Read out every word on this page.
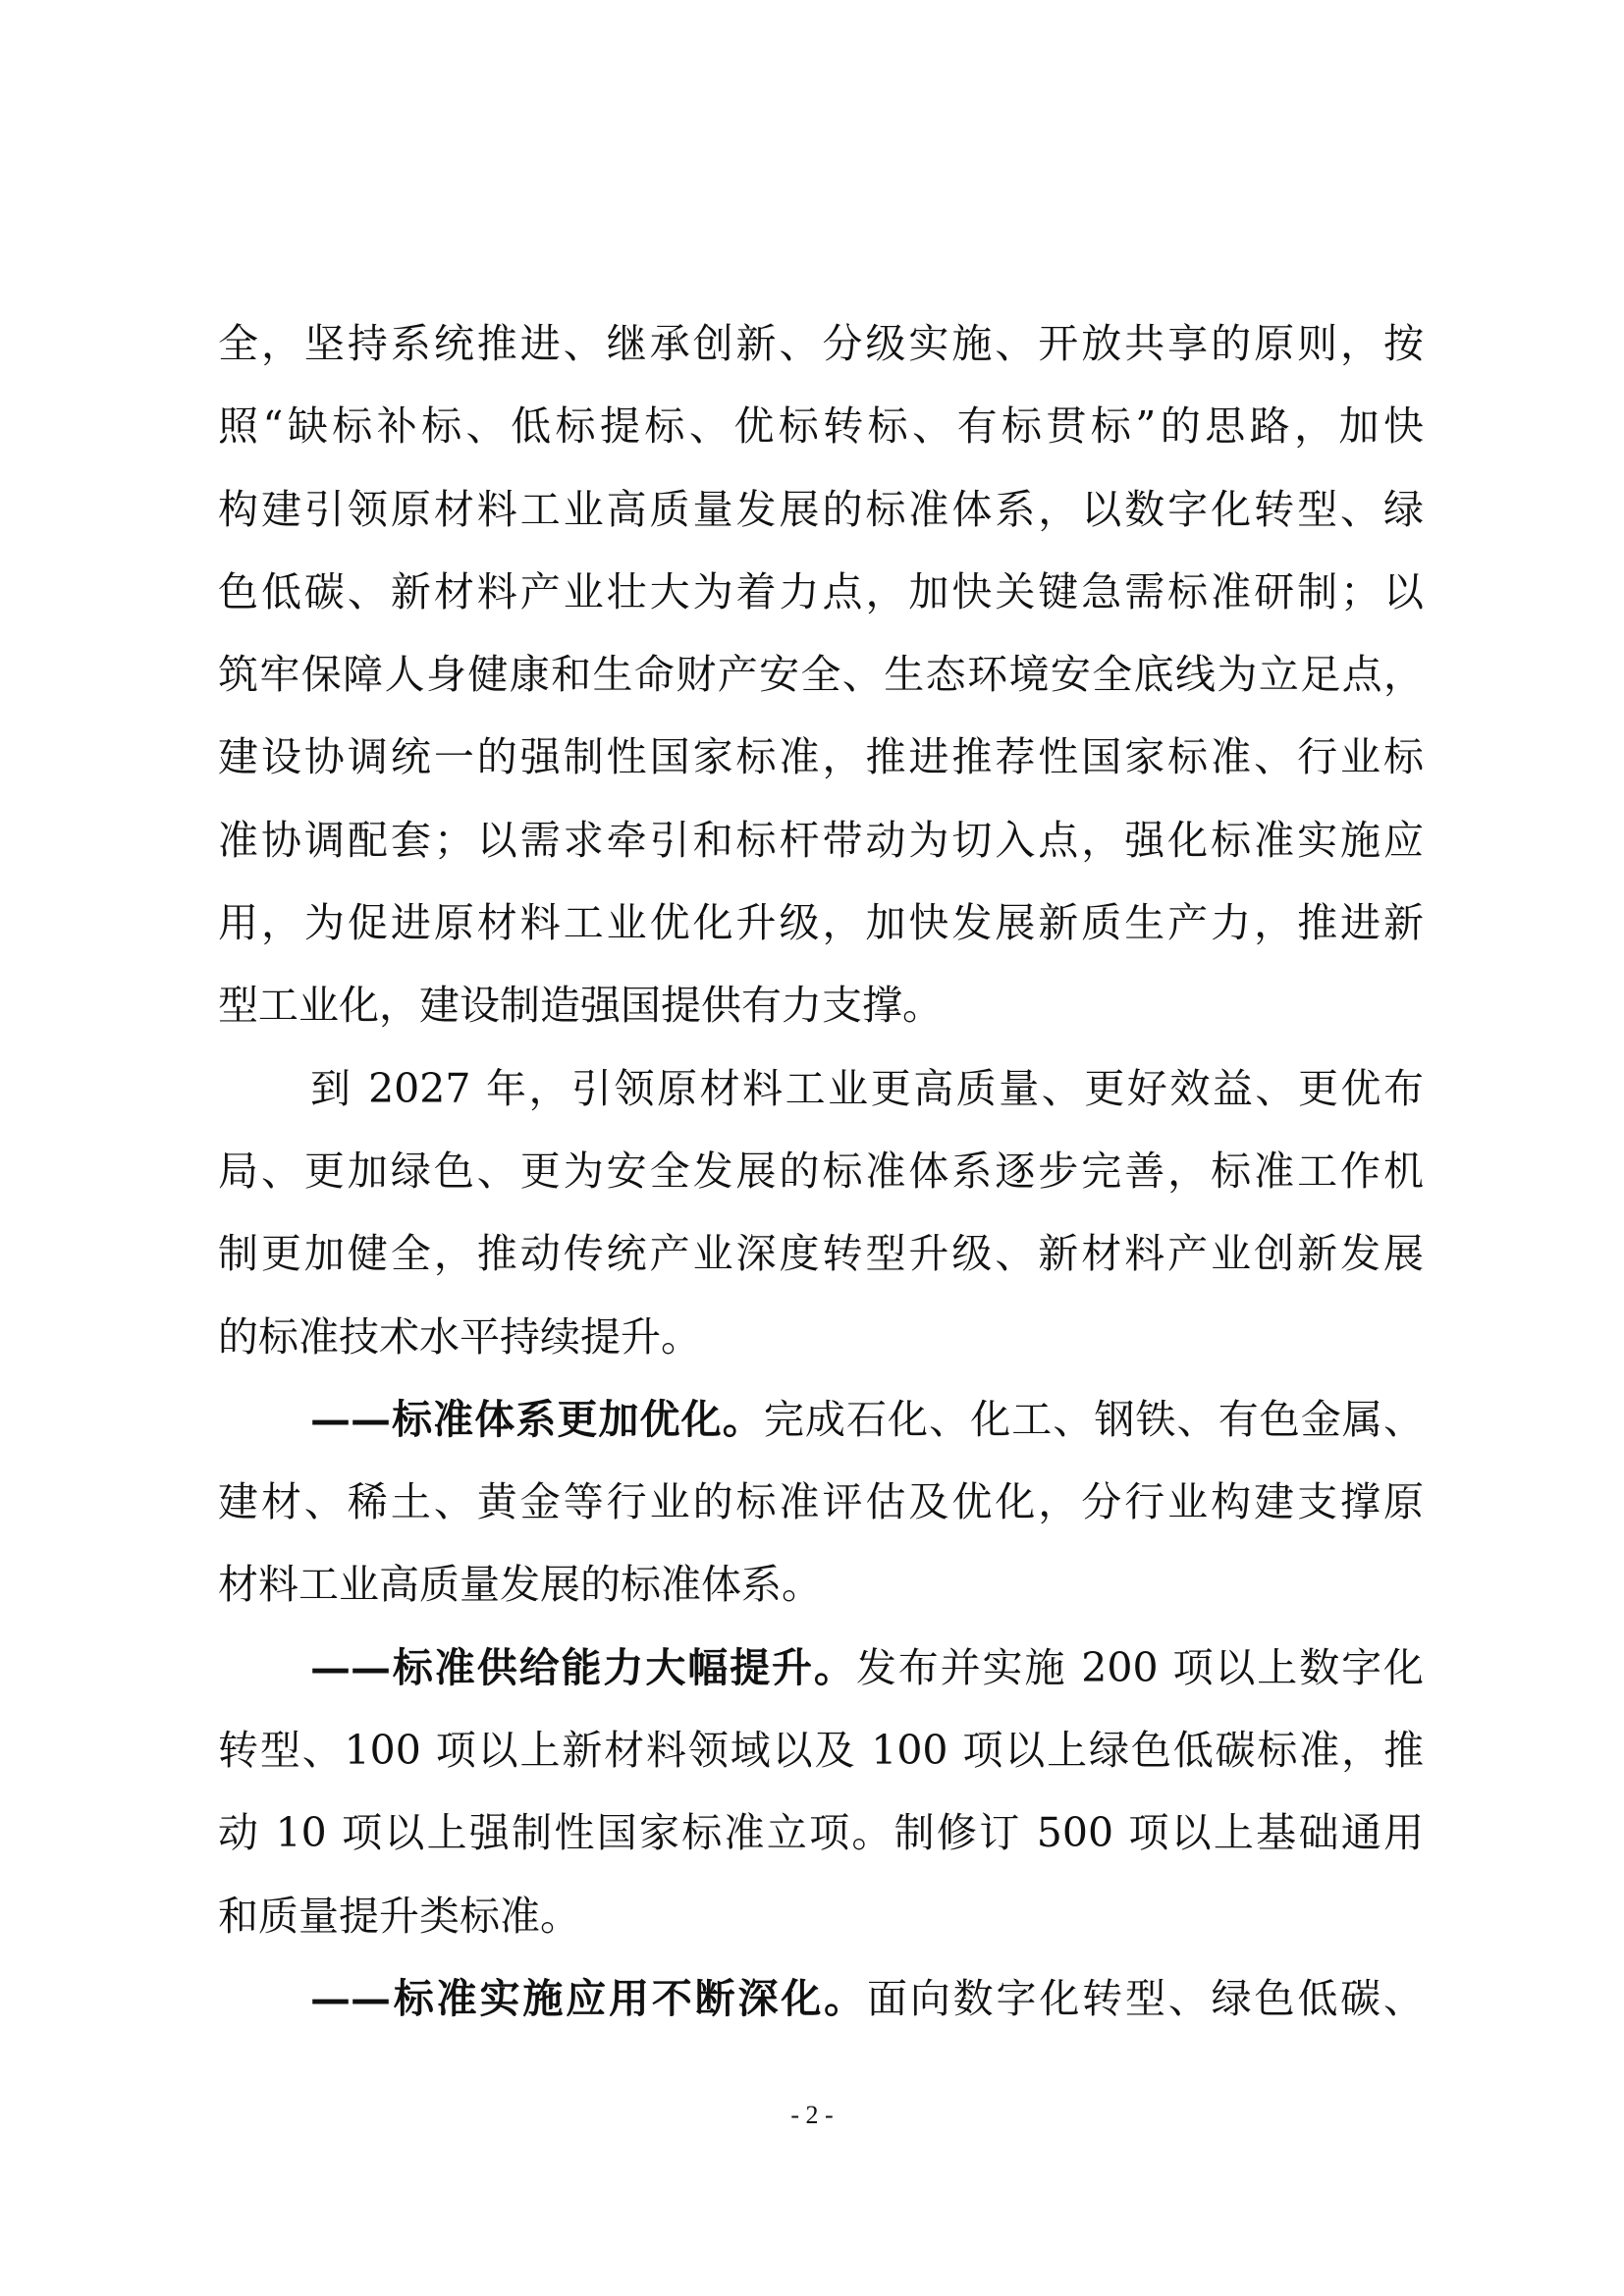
全，坚持系统推进、继承创新、分级实施、开放共享的原则，按
照“缺标补标、低标提标、优标转标、有标贯标”的思路，加快
构建引领原材料工业高质量发展的标准体系，以数字化转型、绿
色低碳、新材料产业壮大为着力点，加快关键急需标准研制；以
筑牢保障人身健康和生命财产安全、生态环境安全底线为立足点，
建设协调统一的强制性国家标准，推进推荐性国家标准、行业标
准协调配套；以需求牵引和标杆带动为切入点，强化标准实施应
用，为促进原材料工业优化升级，加快发展新质生产力，推进新
型工业化，建设制造强国提供有力支撑。
到 2027 年，引领原材料工业更高质量、更好效益、更优布
局、更加绿色、更为安全发展的标准体系逐步完善，标准工作机
制更加健全，推动传统产业深度转型升级、新材料产业创新发展
的标准技术水平持续提升。
——标准体系更加优化。完成石化、化工、钢铁、有色金属、
建材、稀土、黄金等行业的标准评估及优化，分行业构建支撑原
材料工业高质量发展的标准体系。
——标准供给能力大幅提升。发布并实施 200 项以上数字化
转型、100 项以上新材料领域以及 100 项以上绿色低碳标准，推
动 10 项以上强制性国家标准立项。制修订 500 项以上基础通用
和质量提升类标准。
——标准实施应用不断深化。面向数字化转型、绿色低碳、
- 2 -
